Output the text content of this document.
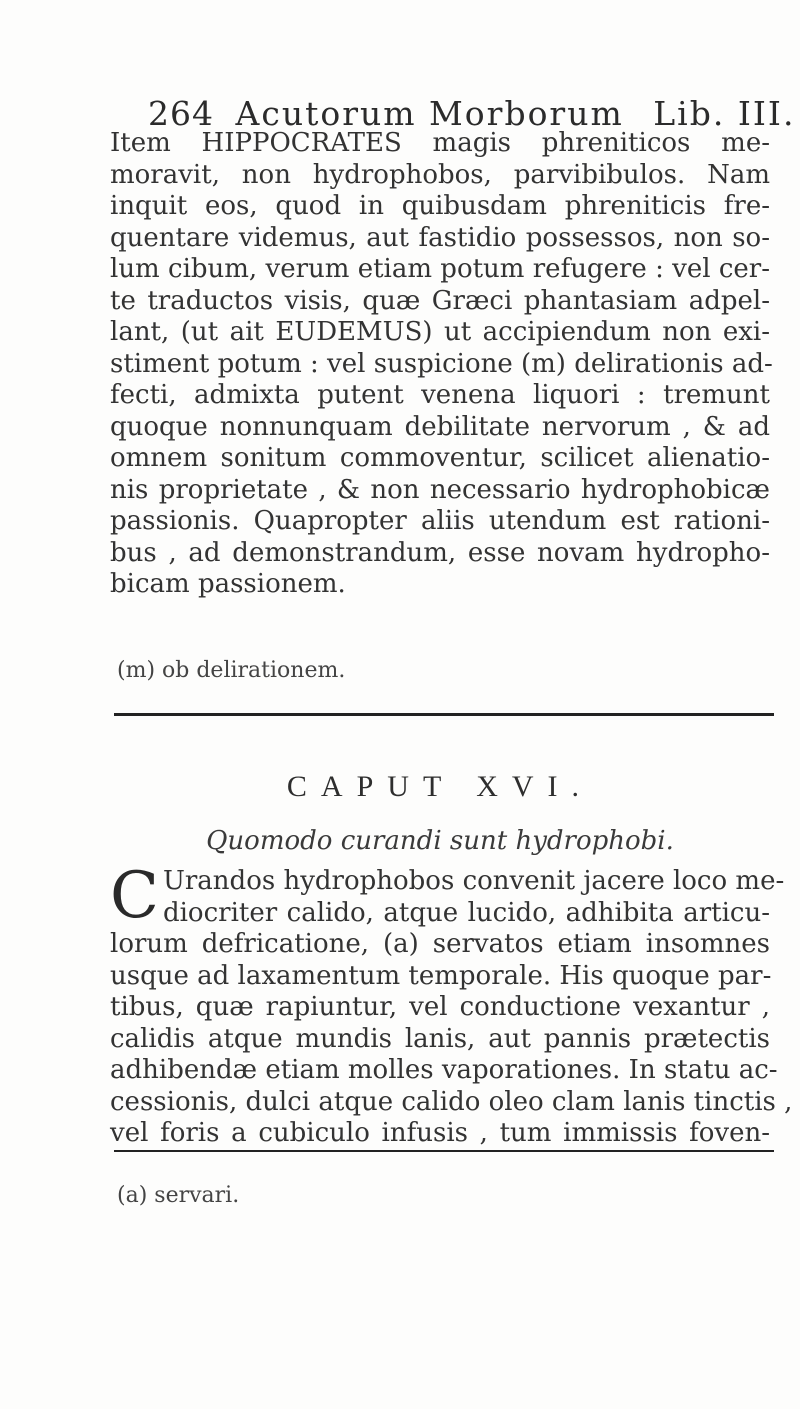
264 Acutorum Morborum Lib. III.
Item HIPPOCRATES magis phreniticos me-
moravit, non hydrophobos, parvibibulos. Nam
inquit eos, quod in quibusdam phreniticis fre-
quentare videmus, aut fastidio possessos, non so-
lum cibum, verum etiam potum refugere : vel cer-
te traductos visis, quæ Græci phantasiam adpel-
lant, (ut ait EUDEMUS) ut accipiendum non exi-
stiment potum : vel suspicione (m) delirationis ad-
fecti, admixta putent venena liquori : tremunt
quoque nonnunquam debilitate nervorum , & ad
omnem sonitum commoventur, scilicet alienatio-
nis proprietate , & non necessario hydrophobicæ
passionis. Quapropter aliis utendum est rationi-
bus , ad demonstrandum, esse novam hydropho-
bicam passionem.
(m) ob delirationem.
CAPUT XVI.
Quomodo curandi sunt hydrophobi.
C Urandos hydrophobos convenit jacere loco me-
diocriter calido, atque lucido, adhibita articu-
lorum defricatione, (a) servatos etiam insomnes
usque ad laxamentum temporale. His quoque par-
tibus, quæ rapiuntur, vel conductione vexantur ,
calidis atque mundis lanis, aut pannis prætectis
adhibendæ etiam molles vaporationes. In statu ac-
cessionis, dulci atque calido oleo clam lanis tinctis ,
vel foris a cubiculo infusis , tum immissis foven-
(a) servari.
